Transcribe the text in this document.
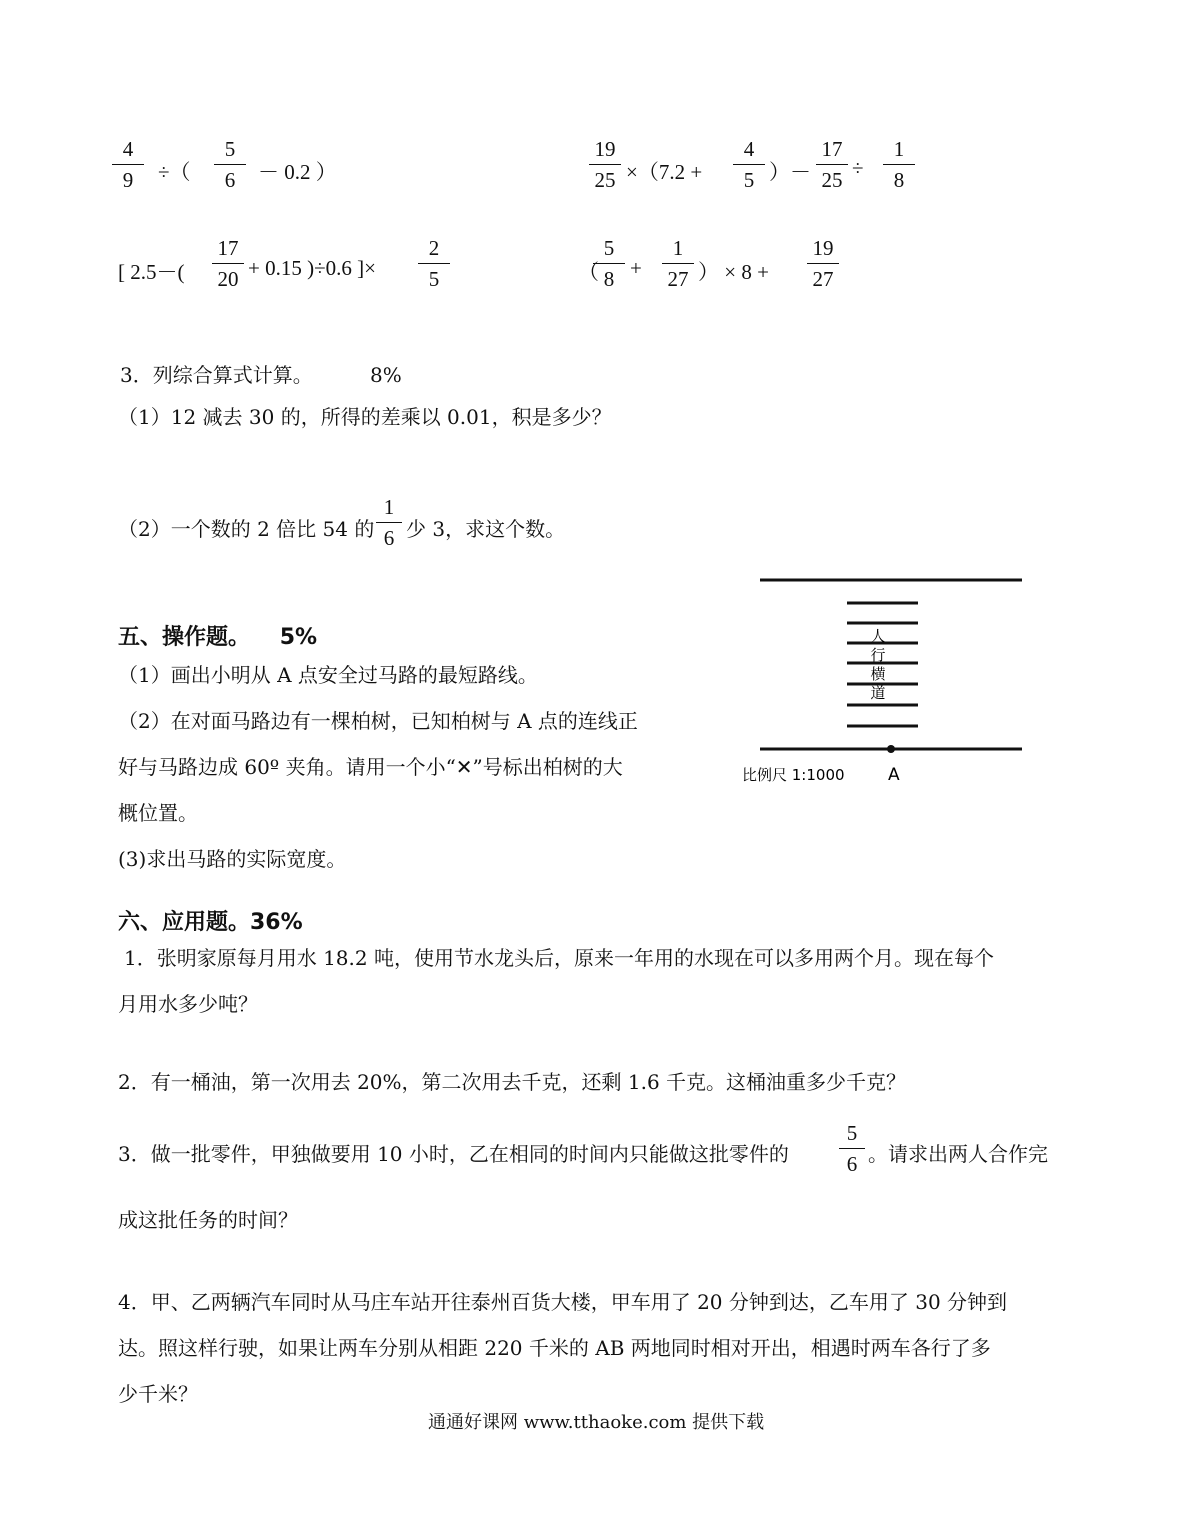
4
9	÷（
5
6	－ 0.2 ）
19
25 ×（7.2 +
4
5 ）－
17
25 ÷
1
8
[ 2.5－(
17
20 + 0.15 )÷0.6 ]×
2
5	（
5
8 +
1
27 ） × 8 +
19
27
3．列综合算式计算。	8%
（1）12 减去 30 的，所得的差乘以 0.01，积是多少？
（2）一个数的 2 倍比 54 的
1
6 少 3，求这个数。
五、操作题。 5%
（1）画出小明从 A 点安全过马路的最短路线。
（2）在对面马路边有一棵柏树，已知柏树与 A 点的连线正
好与马路边成 60º 夹角。请用一个小“✕”号标出柏树的大
概位置。
(3)求出马路的实际宽度。
人
行
横
道
比例尺 1:1000	A
六、应用题。36%
1．张明家原每月用水 18.2 吨，使用节水龙头后，原来一年用的水现在可以多用两个月。现在每个
月用水多少吨？
2．有一桶油，第一次用去 20%，第二次用去千克，还剩 1.6 千克。这桶油重多少千克？
3．做一批零件，甲独做要用 10 小时，乙在相同的时间内只能做这批零件的
5
6 。请求出两人合作完
成这批任务的时间？
4．甲、乙两辆汽车同时从马庄车站开往泰州百货大楼，甲车用了 20 分钟到达，乙车用了 30 分钟到
达。照这样行驶，如果让两车分别从相距 220 千米的 AB 两地同时相对开出，相遇时两车各行了多
少千米？
通通好课网 www.tthaoke.com 提供下载
